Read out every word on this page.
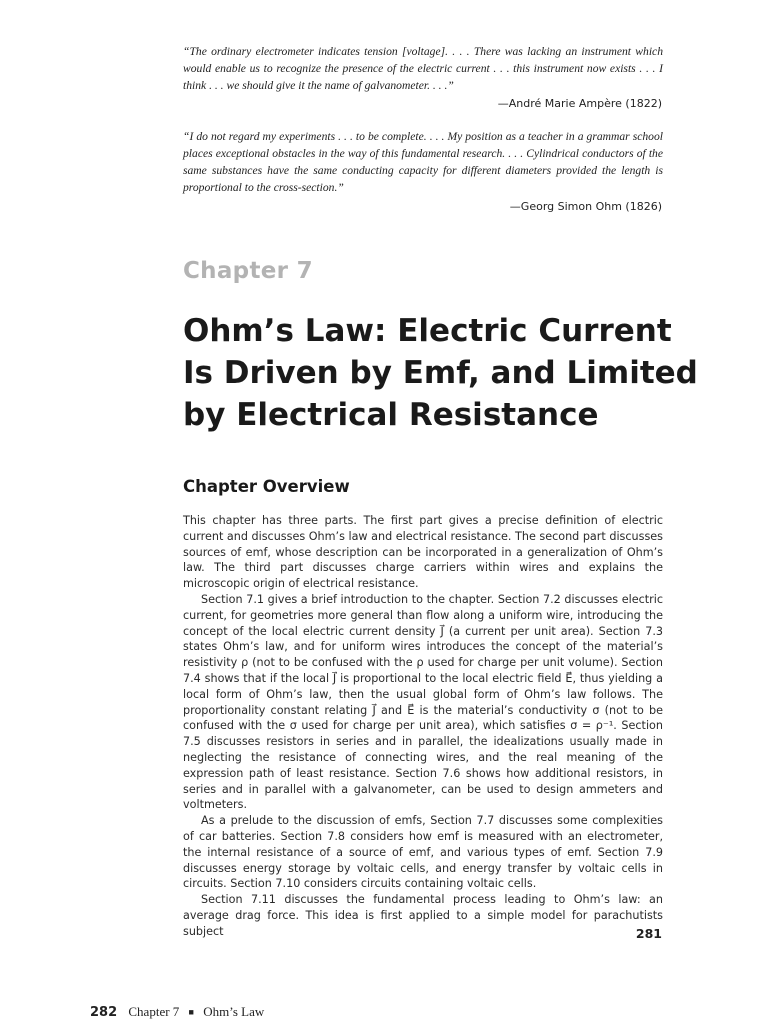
“The ordinary electrometer indicates tension [voltage]. . . . There was lacking an instrument which would enable us to recognize the presence of the electric current . . . this instrument now exists . . . I think . . . we should give it the name of galvanometer. . . .”

—André Marie Ampère (1822)

“I do not regard my experiments . . . to be complete. . . . My position as a teacher in a grammar school places exceptional obstacles in the way of this fundamental research. . . . Cylindrical conductors of the same substances have the same conducting capacity for different diameters provided the length is proportional to the cross-section.”

—Georg Simon Ohm (1826)
Chapter 7
Ohm’s Law: Electric Current Is Driven by Emf, and Limited by Electrical Resistance
Chapter Overview

This chapter has three parts. The first part gives a precise definition of electric current and discusses Ohm’s law and electrical resistance. The second part discusses sources of emf, whose description can be incorporated in a generalization of Ohm’s law. The third part discusses charge carriers within wires and explains the microscopic origin of electrical resistance.

Section 7.1 gives a brief introduction to the chapter. Section 7.2 discusses electric current, for geometries more general than flow along a uniform wire, introducing the concept of the local electric current density J⃗ (a current per unit area). Section 7.3 states Ohm’s law, and for uniform wires introduces the concept of the material’s resistivity ρ (not to be confused with the ρ used for charge per unit volume). Section 7.4 shows that if the local J⃗ is proportional to the local electric field E⃗, thus yielding a local form of Ohm’s law, then the usual global form of Ohm’s law follows. The proportionality constant relating J⃗ and E⃗ is the material’s conductivity σ (not to be confused with the σ used for charge per unit area), which satisfies σ = ρ⁻¹. Section 7.5 discusses resistors in series and in parallel, the idealizations usually made in neglecting the resistance of connecting wires, and the real meaning of the expression path of least resistance. Section 7.6 shows how additional resistors, in series and in parallel with a galvanometer, can be used to design ammeters and voltmeters.

As a prelude to the discussion of emfs, Section 7.7 discusses some complexities of car batteries. Section 7.8 considers how emf is measured with an electrometer, the internal resistance of a source of emf, and various types of emf. Section 7.9 discusses energy storage by voltaic cells, and energy transfer by voltaic cells in circuits. Section 7.10 considers circuits containing voltaic cells.

Section 7.11 discusses the fundamental process leading to Ohm’s law: an average drag force. This idea is first applied to a simple model for parachutists subject	281
282 Chapter 7 ■ Ohm’s Law
